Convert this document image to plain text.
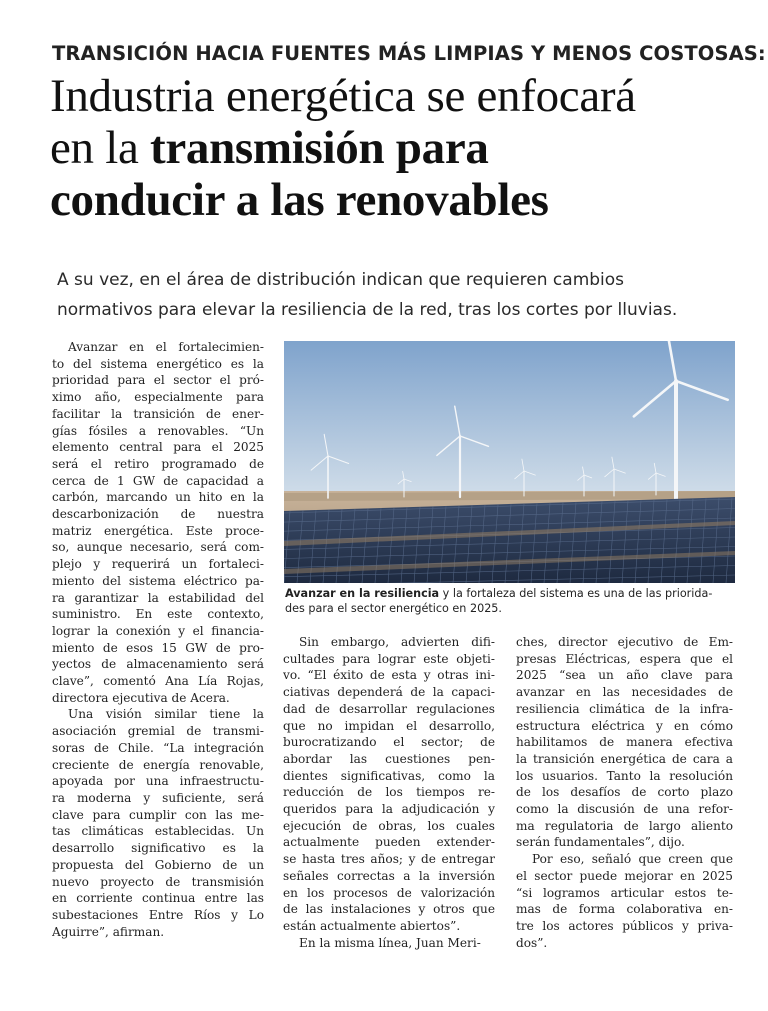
TRANSICIÓN HACIA FUENTES MÁS LIMPIAS Y MENOS COSTOSAS:
Industria energética se enfocará
en la transmisión para
conducir a las renovables
A su vez, en el área de distribución indican que requieren cambios
normativos para elevar la resiliencia de la red, tras los cortes por lluvias.
Avanzar en el fortalecimien-
to del sistema energético es la
prioridad para el sector el pró-
ximo año, especialmente para
facilitar la transición de ener-
gías fósiles a renovables. “Un
elemento central para el 2025
será el retiro programado de
cerca de 1 GW de capacidad a
carbón, marcando un hito en la
descarbonización de nuestra
matriz energética. Este proce-
so, aunque necesario, será com-
plejo y requerirá un fortaleci-
miento del sistema eléctrico pa-
ra garantizar la estabilidad del
suministro. En este contexto,
lograr la conexión y el financia-
miento de esos 15 GW de pro-
yectos de almacenamiento será
clave”, comentó Ana Lía Rojas,
directora ejecutiva de Acera.
Una visión similar tiene la
asociación gremial de transmi-
soras de Chile. “La integración
creciente de energía renovable,
apoyada por una infraestructu-
ra moderna y suficiente, será
clave para cumplir con las me-
tas climáticas establecidas. Un
desarrollo significativo es la
propuesta del Gobierno de un
nuevo proyecto de transmisión
en corriente continua entre las
subestaciones Entre Ríos y Lo
Aguirre”, afirman.
Avanzar en la resiliencia y la fortaleza del sistema es una de las priorida-
des para el sector energético en 2025.
Sin embargo, advierten difi-
cultades para lograr este objeti-
vo. “El éxito de esta y otras ini-
ciativas dependerá de la capaci-
dad de desarrollar regulaciones
que no impidan el desarrollo,
burocratizando el sector; de
abordar las cuestiones pen-
dientes significativas, como la
reducción de los tiempos re-
queridos para la adjudicación y
ejecución de obras, los cuales
actualmente pueden extender-
se hasta tres años; y de entregar
señales correctas a la inversión
en los procesos de valorización
de las instalaciones y otros que
están actualmente abiertos”.
En la misma línea, Juan Meri-
ches, director ejecutivo de Em-
presas Eléctricas, espera que el
2025 “sea un año clave para
avanzar en las necesidades de
resiliencia climática de la infra-
estructura eléctrica y en cómo
habilitamos de manera efectiva
la transición energética de cara a
los usuarios. Tanto la resolución
de los desafíos de corto plazo
como la discusión de una refor-
ma regulatoria de largo aliento
serán fundamentales”, dijo.
Por eso, señaló que creen que
el sector puede mejorar en 2025
“si logramos articular estos te-
mas de forma colaborativa en-
tre los actores públicos y priva-
dos”.
